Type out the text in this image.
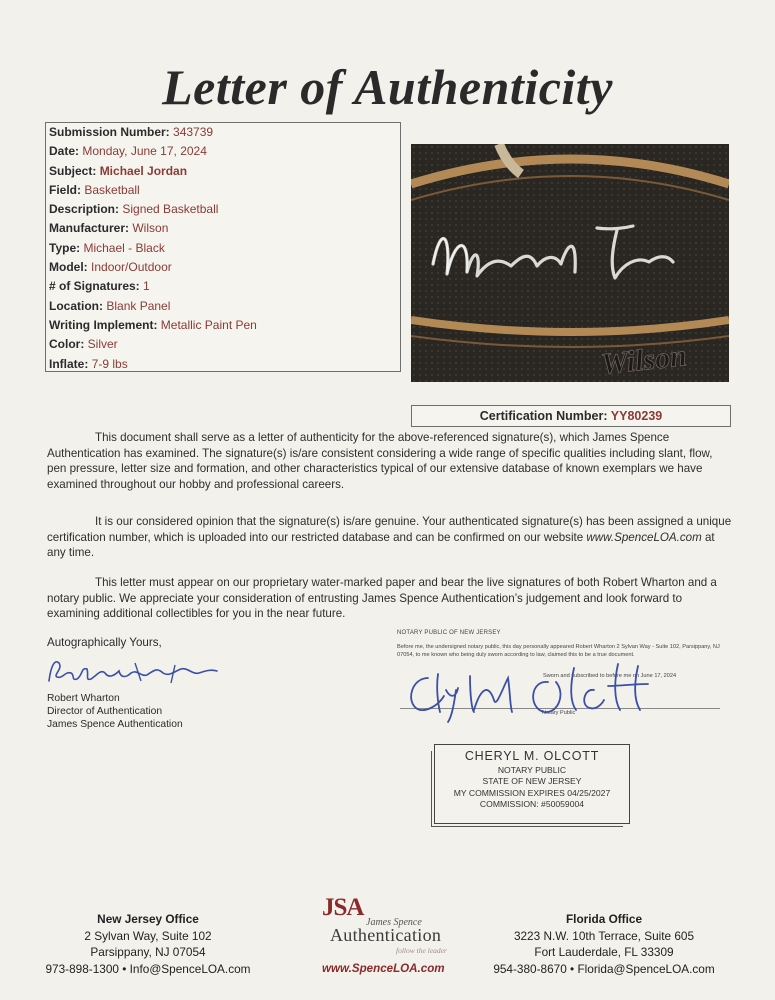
Letter of Authenticity
Submission Number: 343739
Date: Monday, June 17, 2024
Subject: Michael Jordan
Field: Basketball
Description: Signed Basketball
Manufacturer: Wilson
Type: Michael - Black
Model: Indoor/Outdoor
# of Signatures: 1
Location: Blank Panel
Writing Implement: Metallic Paint Pen
Color: Silver
Inflate: 7-9 lbs	Wilson
Certification Number: YY80239
This document shall serve as a letter of authenticity for the above-referenced signature(s), which James Spence Authentication has examined. The signature(s) is/are consistent considering a wide range of specific qualities including slant, flow, pen pressure, letter size and formation, and other characteristics typical of our extensive database of known exemplars we have examined throughout our hobby and professional careers.
It is our considered opinion that the signature(s) is/are genuine. Your authenticated signature(s) has been assigned a unique certification number, which is uploaded into our restricted database and can be confirmed on our website www.SpenceLOA.com at any time.
This letter must appear on our proprietary water-marked paper and bear the live signatures of both Robert Wharton and a notary public. We appreciate your consideration of entrusting James Spence Authentication’s judgement and look forward to examining additional collectibles for you in the near future.
Autographically Yours,
Robert Wharton
Director of Authentication
James Spence Authentication
NOTARY PUBLIC OF NEW JERSEY
Before me, the undersigned notary public, this day personally appeared Robert Wharton 2 Sylvan Way - Suite 102, Parsippany, NJ 07054, to me known who being duly sworn according to law, claimed this to be a true document.
Sworn and subscribed to before me on June 17, 2024
Notary Public
CHERYL M. OLCOTT
NOTARY PUBLIC
STATE OF NEW JERSEY
MY COMMISSION EXPIRES 04/25/2027
COMMISSION: #50059004
New Jersey Office
2 Sylvan Way, Suite 102
Parsippany, NJ 07054
973-898-1300 • Info@SpenceLOA.com
JSA
James Spence
Authentication
follow the leader
www.SpenceLOA.com
Florida Office
3223 N.W. 10th Terrace, Suite 605
Fort Lauderdale, FL 33309
954-380-8670 • Florida@SpenceLOA.com
